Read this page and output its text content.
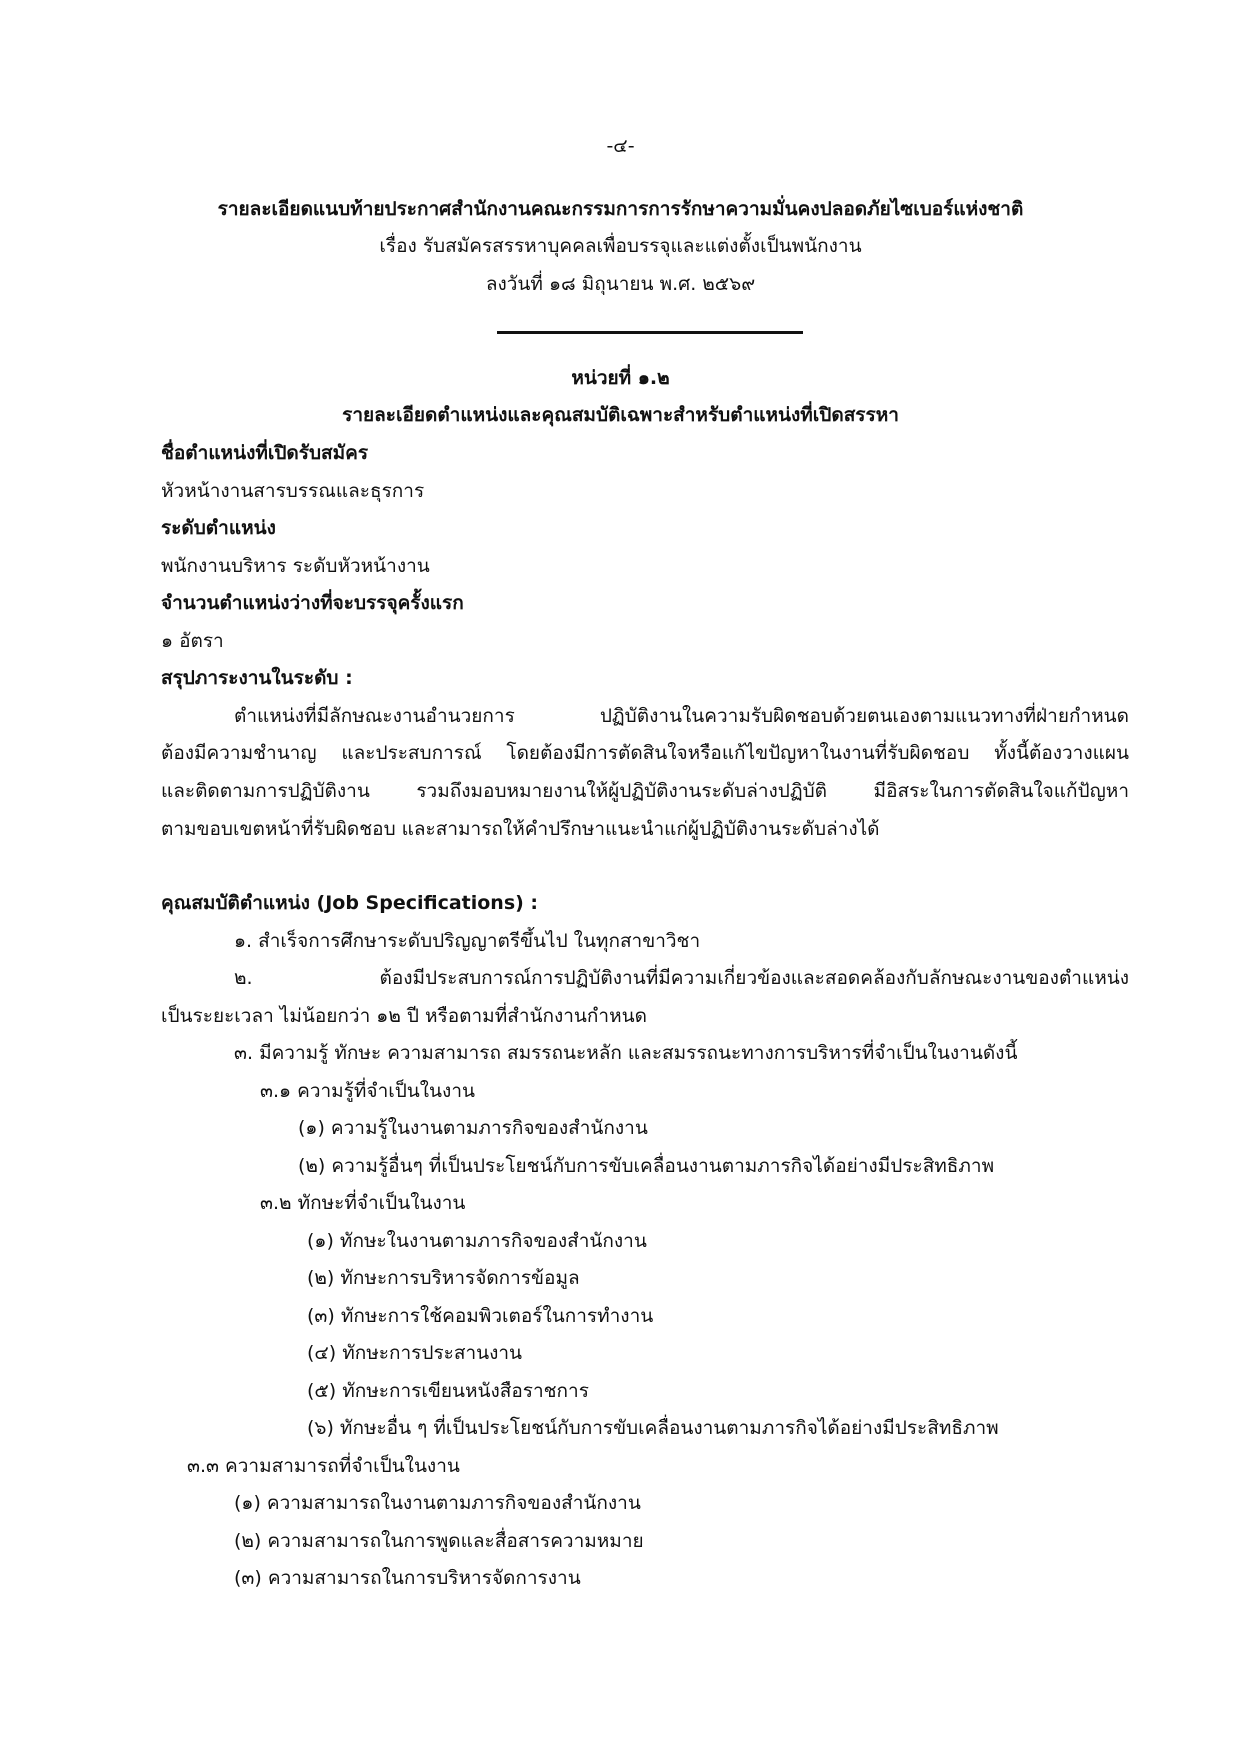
-๔-
รายละเอียดแนบท้ายประกาศสำนักงานคณะกรรมการการรักษาความมั่นคงปลอดภัยไซเบอร์แห่งชาติ
เรื่อง รับสมัครสรรหาบุคคลเพื่อบรรจุและแต่งตั้งเป็นพนักงาน
ลงวันที่ ๑๘ มิถุนายน พ.ศ. ๒๕๖๙
หน่วยที่ ๑.๒
รายละเอียดตำแหน่งและคุณสมบัติเฉพาะสำหรับตำแหน่งที่เปิดสรรหา
ชื่อตำแหน่งที่เปิดรับสมัคร
หัวหน้างานสารบรรณและธุรการ
ระดับตำแหน่ง
พนักงานบริหาร ระดับหัวหน้างาน
จำนวนตำแหน่งว่างที่จะบรรจุครั้งแรก
๑ อัตรา
สรุปภาระงานในระดับ :
ตำแหน่งที่มีลักษณะงานอำนวยการ ปฏิบัติงานในความรับผิดชอบด้วยตนเองตามแนวทางที่ฝ่ายกำหนด
ต้องมีความชำนาญ และประสบการณ์ โดยต้องมีการตัดสินใจหรือแก้ไขปัญหาในงานที่รับผิดชอบ ทั้งนี้ต้องวางแผน
และติดตามการปฏิบัติงาน รวมถึงมอบหมายงานให้ผู้ปฏิบัติงานระดับล่างปฏิบัติ มีอิสระในการตัดสินใจแก้ปัญหา
ตามขอบเขตหน้าที่รับผิดชอบ และสามารถให้คำปรึกษาแนะนำแก่ผู้ปฏิบัติงานระดับล่างได้
คุณสมบัติตำแหน่ง (Job Specifications) :
๑. สำเร็จการศึกษาระดับปริญญาตรีขึ้นไป ในทุกสาขาวิชา
๒. ต้องมีประสบการณ์การปฏิบัติงานที่มีความเกี่ยวข้องและสอดคล้องกับลักษณะงานของตำแหน่ง
เป็นระยะเวลา ไม่น้อยกว่า ๑๒ ปี หรือตามที่สำนักงานกำหนด
๓. มีความรู้ ทักษะ ความสามารถ สมรรถนะหลัก และสมรรถนะทางการบริหารที่จำเป็นในงานดังนี้
๓.๑ ความรู้ที่จำเป็นในงาน
(๑) ความรู้ในงานตามภารกิจของสำนักงาน
(๒) ความรู้อื่นๆ ที่เป็นประโยชน์กับการขับเคลื่อนงานตามภารกิจได้อย่างมีประสิทธิภาพ
๓.๒ ทักษะที่จำเป็นในงาน
(๑) ทักษะในงานตามภารกิจของสำนักงาน
(๒) ทักษะการบริหารจัดการข้อมูล
(๓) ทักษะการใช้คอมพิวเตอร์ในการทำงาน
(๔) ทักษะการประสานงาน
(๕) ทักษะการเขียนหนังสือราชการ
(๖) ทักษะอื่น ๆ ที่เป็นประโยชน์กับการขับเคลื่อนงานตามภารกิจได้อย่างมีประสิทธิภาพ
๓.๓ ความสามารถที่จำเป็นในงาน
(๑) ความสามารถในงานตามภารกิจของสำนักงาน
(๒) ความสามารถในการพูดและสื่อสารความหมาย
(๓) ความสามารถในการบริหารจัดการงาน
